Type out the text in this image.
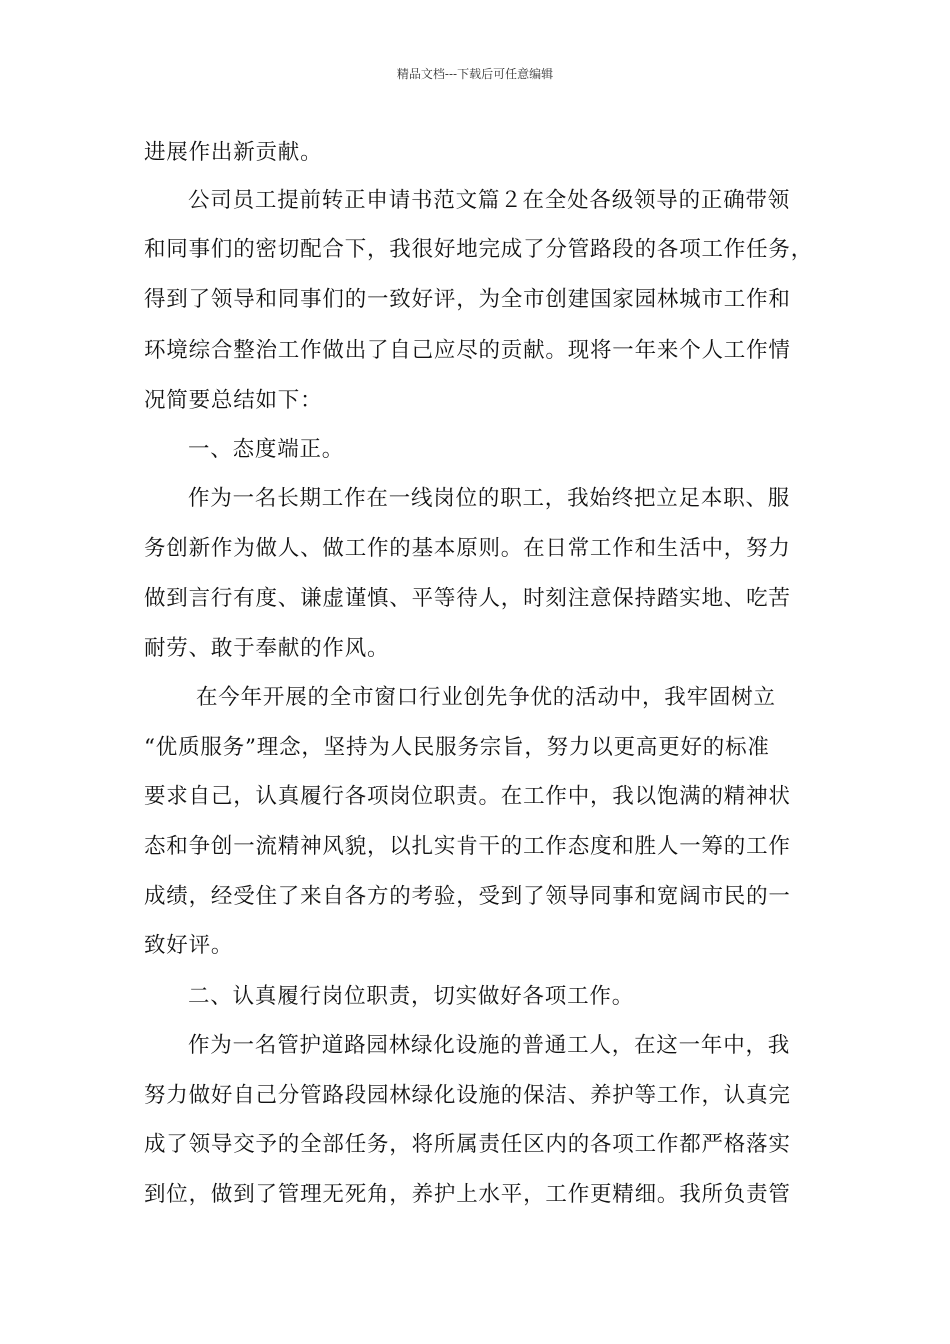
精品文档---下载后可任意编辑
进展作出新贡献。
公司员工提前转正申请书范文篇２在全处各级领导的正确带领
和同事们的密切配合下，我很好地完成了分管路段的各项工作任务，
得到了领导和同事们的一致好评，为全市创建国家园林城市工作和
环境综合整治工作做出了自己应尽的贡献。现将一年来个人工作情
况简要总结如下：
一、态度端正。
作为一名长期工作在一线岗位的职工，我始终把立足本职、服
务创新作为做人、做工作的基本原则。在日常工作和生活中，努力
做到言行有度、谦虚谨慎、平等待人，时刻注意保持踏实地、吃苦
耐劳、敢于奉献的作风。
在今年开展的全市窗口行业创先争优的活动中，我牢固树立
“优质服务”理念，坚持为人民服务宗旨，努力以更高更好的标准
要求自己，认真履行各项岗位职责。在工作中，我以饱满的精神状
态和争创一流精神风貌，以扎实肯干的工作态度和胜人一筹的工作
成绩，经受住了来自各方的考验，受到了领导同事和宽阔市民的一
致好评。
二、认真履行岗位职责，切实做好各项工作。
作为一名管护道路园林绿化设施的普通工人，在这一年中，我
努力做好自己分管路段园林绿化设施的保洁、养护等工作，认真完
成了领导交予的全部任务，将所属责任区内的各项工作都严格落实
到位，做到了管理无死角，养护上水平，工作更精细。我所负责管
